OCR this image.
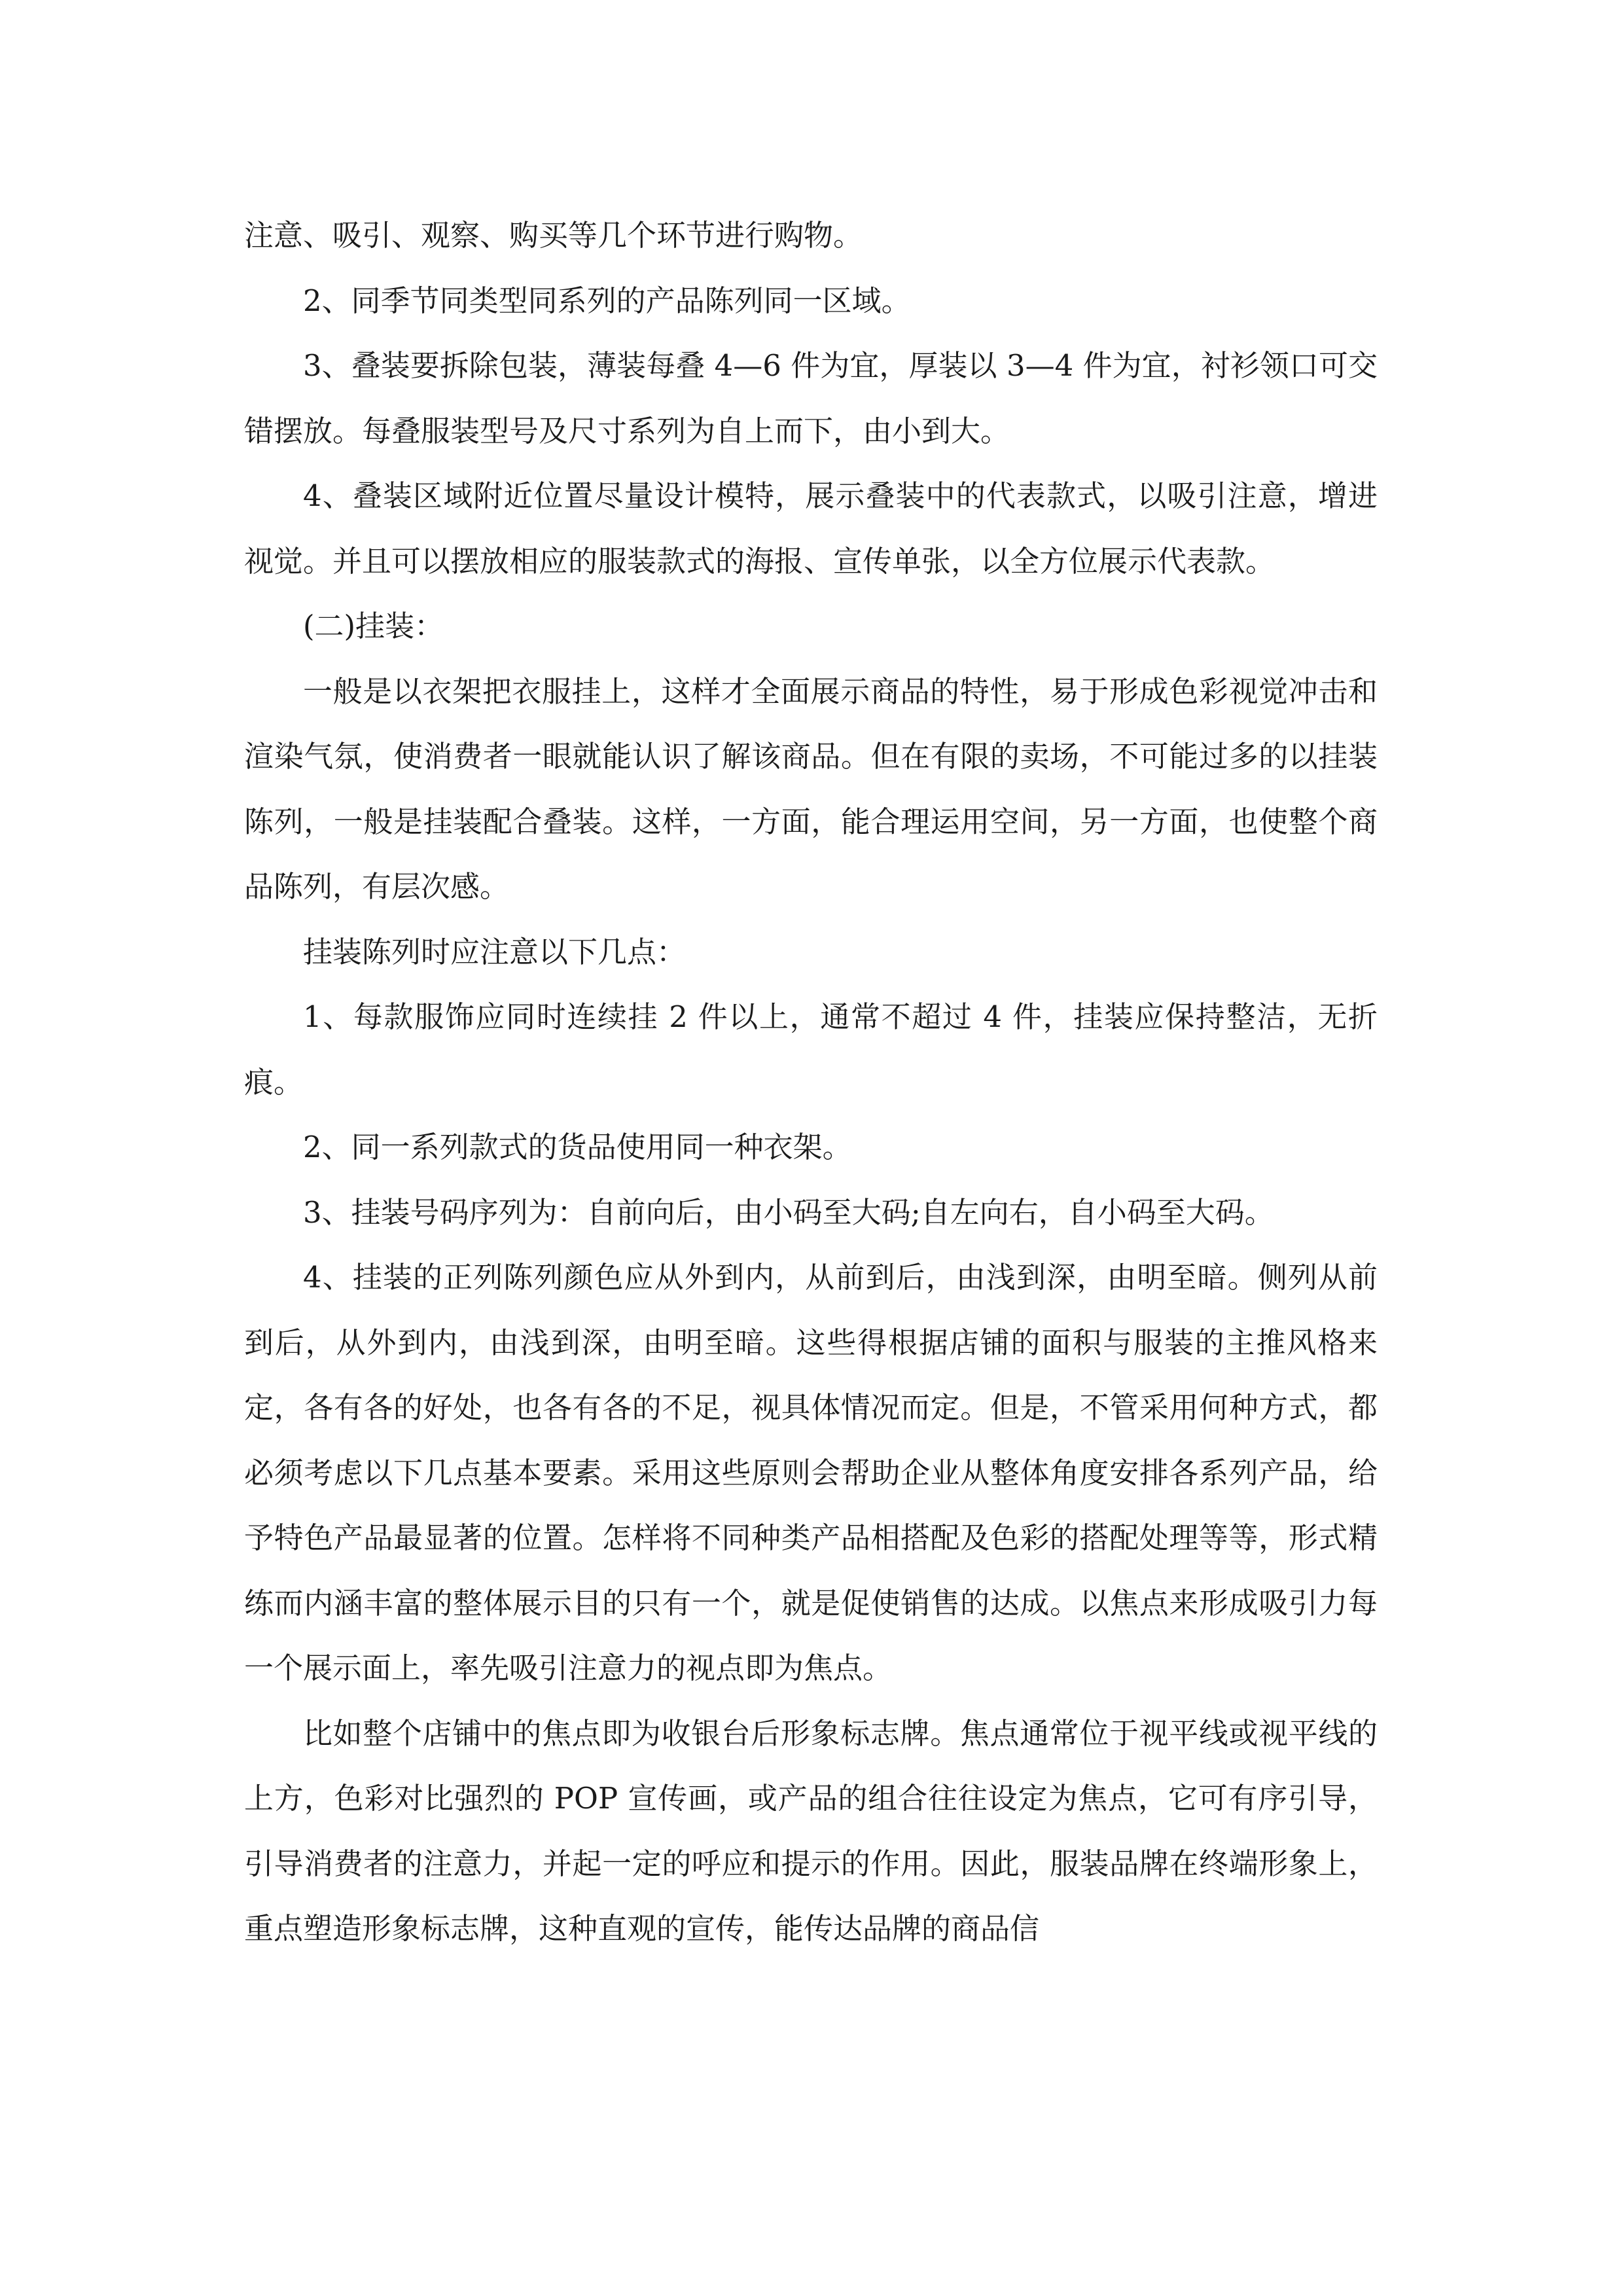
注意、吸引、观察、购买等几个环节进行购物。

2、同季节同类型同系列的产品陈列同一区域。

3、叠装要拆除包装，薄装每叠 4—6 件为宜，厚装以 3—4 件为宜，衬衫领口可交错摆放。每叠服装型号及尺寸系列为自上而下，由小到大。

4、叠装区域附近位置尽量设计模特，展示叠装中的代表款式，以吸引注意，增进视觉。并且可以摆放相应的服装款式的海报、宣传单张，以全方位展示代表款。

(二)挂装：

一般是以衣架把衣服挂上，这样才全面展示商品的特性，易于形成色彩视觉冲击和渲染气氛，使消费者一眼就能认识了解该商品。但在有限的卖场，不可能过多的以挂装陈列，一般是挂装配合叠装。这样，一方面，能合理运用空间，另一方面，也使整个商品陈列，有层次感。

挂装陈列时应注意以下几点：

1、每款服饰应同时连续挂 2 件以上，通常不超过 4 件，挂装应保持整洁，无折痕。

2、同一系列款式的货品使用同一种衣架。

3、挂装号码序列为：自前向后，由小码至大码;自左向右，自小码至大码。

4、挂装的正列陈列颜色应从外到内，从前到后，由浅到深，由明至暗。侧列从前到后，从外到内，由浅到深，由明至暗。这些得根据店铺的面积与服装的主推风格来定，各有各的好处，也各有各的不足，视具体情况而定。但是，不管采用何种方式，都必须考虑以下几点基本要素。采用这些原则会帮助企业从整体角度安排各系列产品，给予特色产品最显著的位置。怎样将不同种类产品相搭配及色彩的搭配处理等等，形式精练而内涵丰富的整体展示目的只有一个，就是促使销售的达成。以焦点来形成吸引力每一个展示面上，率先吸引注意力的视点即为焦点。

比如整个店铺中的焦点即为收银台后形象标志牌。焦点通常位于视平线或视平线的上方，色彩对比强烈的 POP 宣传画，或产品的组合往往设定为焦点，它可有序引导，引导消费者的注意力，并起一定的呼应和提示的作用。因此，服装品牌在终端形象上，重点塑造形象标志牌，这种直观的宣传，能传达品牌的商品信
